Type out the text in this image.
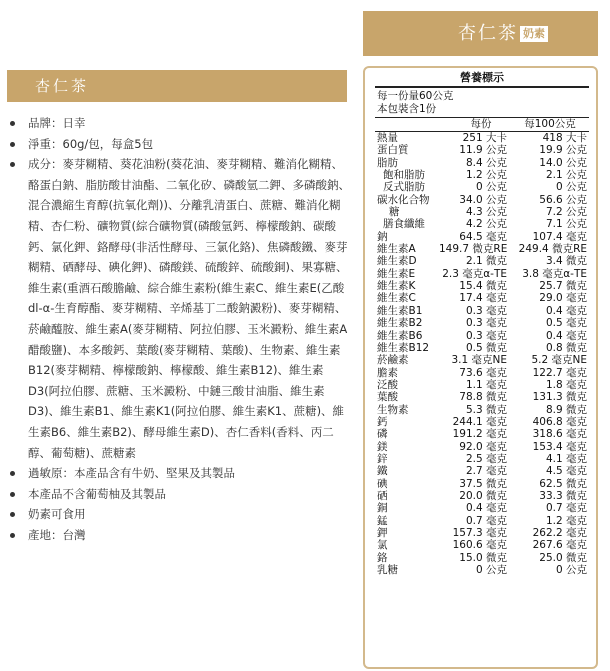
杏仁茶
品牌：日幸
淨重：60g/包，每盒5包
成分：麥芽糊精、葵花油粉(葵花油、麥芽糊精、難消化糊精、酪蛋白鈉、脂肪酸甘油酯、二氧化矽、磷酸氫二鉀、多磷酸鈉、混合濃縮生育醇(抗氧化劑))、分離乳清蛋白、蔗糖、難消化糊精、杏仁粉、礦物質(綜合礦物質(磷酸氫鈣、檸檬酸鈉、碳酸鈣、氯化鉀、鉻酵母(非活性酵母、三氯化鉻)、焦磷酸鐵、麥芽糊精、硒酵母、碘化鉀)、磷酸鎂、硫酸鋅、硫酸銅)、果寡糖、維生素(重酒石酸膽鹼、綜合維生素粉(維生素C、維生素E(乙酸 dl-α-生育醇酯、麥芽糊精、辛烯基丁二酸鈉澱粉)、麥芽糊精、菸鹼醯胺、維生素A(麥芽糊精、阿拉伯膠、玉米澱粉、維生素A醋酸鹽)、本多酸鈣、葉酸(麥芽糊精、葉酸)、生物素、維生素B12(麥芽糊精、檸檬酸鈉、檸檬酸、維生素B12)、維生素D3(阿拉伯膠、蔗糖、玉米澱粉、中鏈三酸甘油脂、維生素D3)、維生素B1、維生素K1(阿拉伯膠、維生素K1、蔗糖)、維生素B6、維生素B2)、酵母維生素D)、杏仁香料(香料、丙二醇、葡萄糖)、蔗糖素
過敏原：本產品含有牛奶、堅果及其製品
本產品不含葡萄柚及其製品
奶素可食用
產地：台灣
杏仁茶 奶素
營養標示
每一份量60公克
本包裝含1份
每份	每100公克
熱量	251 大卡	418 大卡
蛋白質	11.9 公克	19.9 公克
脂肪	8.4 公克	14.0 公克
飽和脂肪	1.2 公克	2.1 公克
反式脂肪	0 公克	0 公克
碳水化合物	34.0 公克	56.6 公克
糖	4.3 公克	7.2 公克
膳食纖維	4.2 公克	7.1 公克
鈉	64.5 毫克	107.4 毫克
維生素A	149.7 微克RE	249.4 微克RE
維生素D	2.1 微克	3.4 微克
維生素E	2.3 毫克α-TE	3.8 毫克α-TE
維生素K	15.4 微克	25.7 微克
維生素C	17.4 毫克	29.0 毫克
維生素B1	0.3 毫克	0.4 毫克
維生素B2	0.3 毫克	0.5 毫克
維生素B6	0.3 毫克	0.4 毫克
維生素B12	0.5 微克	0.8 微克
菸鹼素	3.1 毫克NE	5.2 毫克NE
膽素	73.6 毫克	122.7 毫克
泛酸	1.1 毫克	1.8 毫克
葉酸	78.8 微克	131.3 微克
生物素	5.3 微克	8.9 微克
鈣	244.1 毫克	406.8 毫克
磷	191.2 毫克	318.6 毫克
鎂	92.0 毫克	153.4 毫克
鋅	2.5 毫克	4.1 毫克
鐵	2.7 毫克	4.5 毫克
碘	37.5 微克	62.5 微克
硒	20.0 微克	33.3 微克
銅	0.4 毫克	0.7 毫克
錳	0.7 毫克	1.2 毫克
鉀	157.3 毫克	262.2 毫克
氯	160.6 毫克	267.6 毫克
鉻	15.0 微克	25.0 微克
乳糖	0 公克	0 公克
